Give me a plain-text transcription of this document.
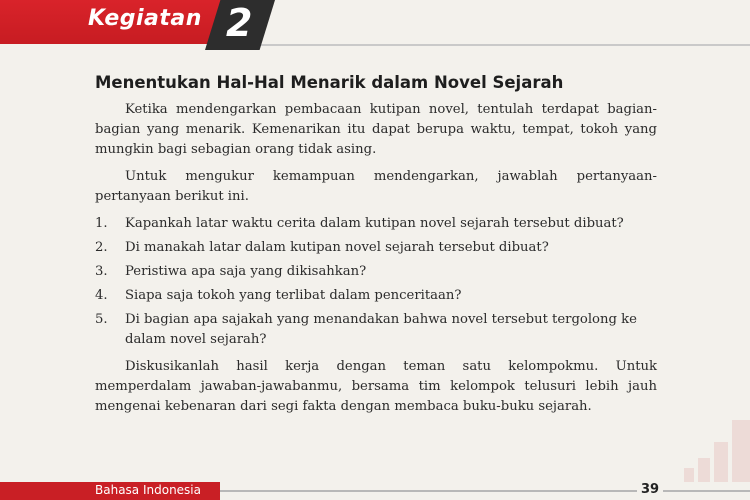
Kegiatan 2
Menentukan Hal-Hal Menarik dalam Novel Sejarah

Ketika mendengarkan pembacaan kutipan novel, tentulah terdapat bagian-bagian yang menarik. Kemenarikan itu dapat berupa waktu, tempat, tokoh yang mungkin bagi sebagian orang tidak asing.

Untuk mengukur kemampuan mendengarkan, jawablah pertanyaan-pertanyaan berikut ini.

1. Kapankah latar waktu cerita dalam kutipan novel sejarah tersebut dibuat?
2. Di manakah latar dalam kutipan novel sejarah tersebut dibuat?
3. Peristiwa apa saja yang dikisahkan?
4. Siapa saja tokoh yang terlibat dalam penceritaan?
5. Di bagian apa sajakah yang menandakan bahwa novel tersebut tergolong ke dalam novel sejarah?

Diskusikanlah hasil kerja dengan teman satu kelompokmu. Untuk memperdalam jawaban-jawabanmu, bersama tim kelompok telusuri lebih jauh mengenai kebenaran dari segi fakta dengan membaca buku-buku sejarah.

Bahasa Indonesia	39
